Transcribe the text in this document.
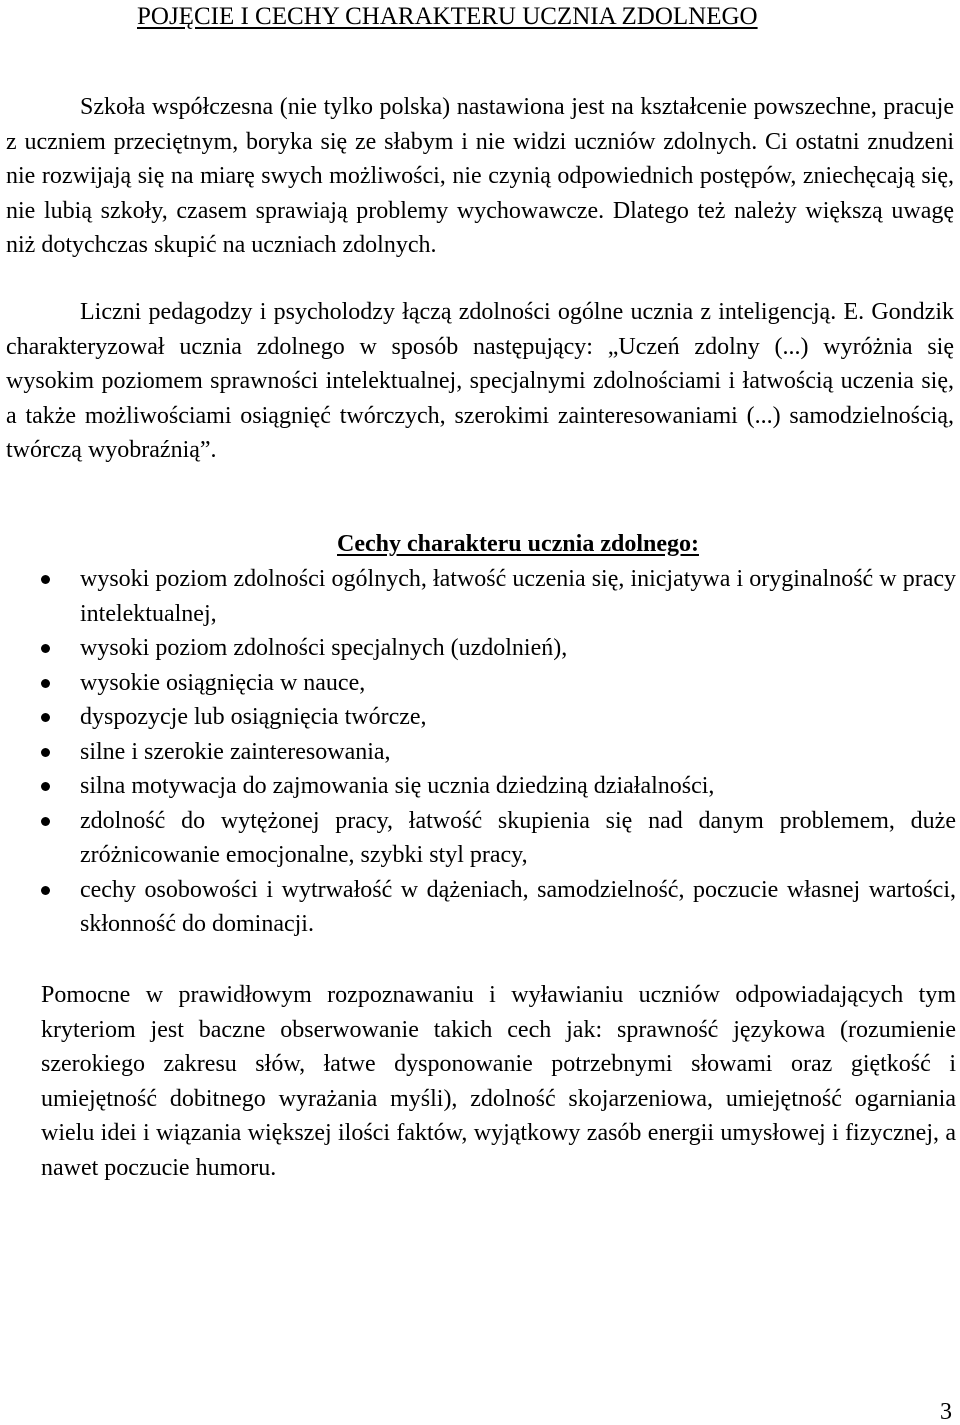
POJĘCIE I CECHY CHARAKTERU UCZNIA ZDOLNEGO

Szkoła współczesna (nie tylko polska) nastawiona jest na kształcenie powszechne, pracuje z uczniem przeciętnym, boryka się ze słabym i nie widzi uczniów zdolnych. Ci ostatni znudzeni nie rozwijają się na miarę swych możliwości, nie czynią odpowiednich postępów, zniechęcają się, nie lubią szkoły, czasem sprawiają problemy wychowawcze. Dlatego też należy większą uwagę niż dotychczas skupić na uczniach zdolnych.

Liczni pedagodzy i psycholodzy łączą zdolności ogólne ucznia z inteligencją. E. Gondzik charakteryzował ucznia zdolnego w sposób następujący: „Uczeń zdolny (...) wyróżnia się wysokim poziomem sprawności intelektualnej, specjalnymi zdolnościami i łatwością uczenia się, a także możliwościami osiągnięć twórczych, szerokimi zainteresowaniami (...) samodzielnością, twórczą wyobraźnią”.

Cechy charakteru ucznia zdolnego:
wysoki poziom zdolności ogólnych, łatwość uczenia się, inicjatywa i oryginalność w pracy intelektualnej,
wysoki poziom zdolności specjalnych (uzdolnień),
wysokie osiągnięcia w nauce,
dyspozycje lub osiągnięcia twórcze,
silne i szerokie zainteresowania,
silna motywacja do zajmowania się ucznia dziedziną działalności,
zdolność do wytężonej pracy, łatwość skupienia się nad danym problemem, duże zróżnicowanie emocjonalne, szybki styl pracy,
cechy osobowości i wytrwałość w dążeniach, samodzielność, poczucie własnej wartości, skłonność do dominacji.

Pomocne w prawidłowym rozpoznawaniu i wyławianiu uczniów odpowiadających tym kryteriom jest baczne obserwowanie takich cech jak: sprawność językowa (rozumienie szerokiego zakresu słów, łatwe dysponowanie potrzebnymi słowami oraz giętkość i umiejętność dobitnego wyrażania myśli), zdolność skojarzeniowa, umiejętność ogarniania wielu idei i wiązania większej ilości faktów, wyjątkowy zasób energii umysłowej i fizycznej, a nawet poczucie humoru.

3
